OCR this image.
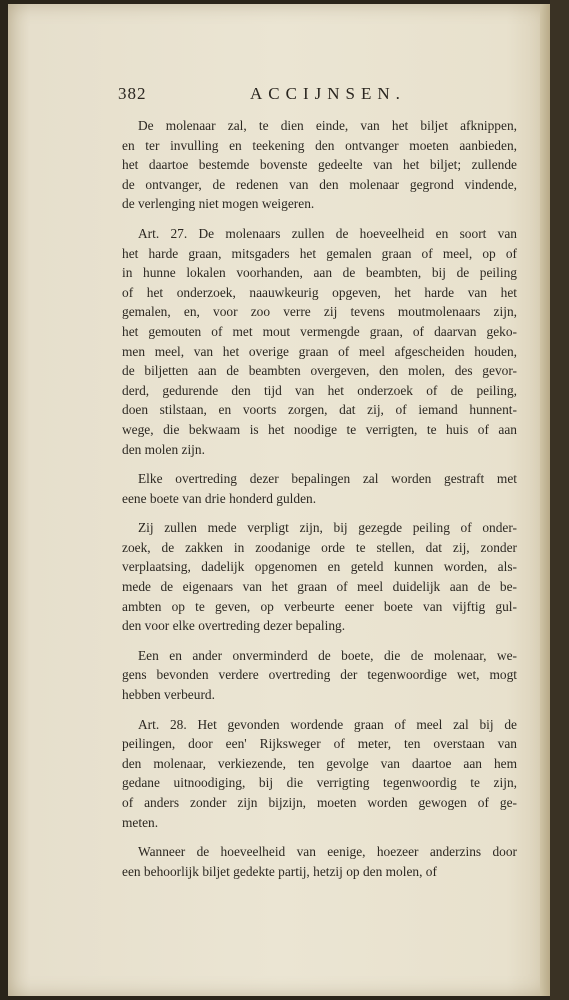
382	ACCIJNSEN.

De molenaar zal, te dien einde, van het biljet afknippen,
en ter invulling en teekening den ontvanger moeten aanbieden,
het daartoe bestemde bovenste gedeelte van het biljet; zullende
de ontvanger, de redenen van den molenaar gegrond vindende,
de verlenging niet mogen weigeren.

Art. 27. De molenaars zullen de hoeveelheid en soort van
het harde graan, mitsgaders het gemalen graan of meel, op of
in hunne lokalen voorhanden, aan de beambten, bij de peiling
of het onderzoek, naauwkeurig opgeven, het harde van het
gemalen, en, voor zoo verre zij tevens moutmolenaars zijn,
het gemouten of met mout vermengde graan, of daarvan geko-
men meel, van het overige graan of meel afgescheiden houden,
de biljetten aan de beambten overgeven, den molen, des gevor-
derd, gedurende den tijd van het onderzoek of de peiling,
doen stilstaan, en voorts zorgen, dat zij, of iemand hunnent-
wege, die bekwaam is het noodige te verrigten, te huis of aan
den molen zijn.

Elke overtreding dezer bepalingen zal worden gestraft met
eene boete van drie honderd gulden.

Zij zullen mede verpligt zijn, bij gezegde peiling of onder-
zoek, de zakken in zoodanige orde te stellen, dat zij, zonder
verplaatsing, dadelijk opgenomen en geteld kunnen worden, als-
mede de eigenaars van het graan of meel duidelijk aan de be-
ambten op te geven, op verbeurte eener boete van vijftig gul-
den voor elke overtreding dezer bepaling.

Een en ander onverminderd de boete, die de molenaar, we-
gens bevonden verdere overtreding der tegenwoordige wet, mogt
hebben verbeurd.

Art. 28. Het gevonden wordende graan of meel zal bij de
peilingen, door een' Rijksweger of meter, ten overstaan van
den molenaar, verkiezende, ten gevolge van daartoe aan hem
gedane uitnoodiging, bij die verrigting tegenwoordig te zijn,
of anders zonder zijn bijzijn, moeten worden gewogen of ge-
meten.

Wanneer de hoeveelheid van eenige, hoezeer anderzins door
een behoorlijk biljet gedekte partij, hetzij op den molen, of
